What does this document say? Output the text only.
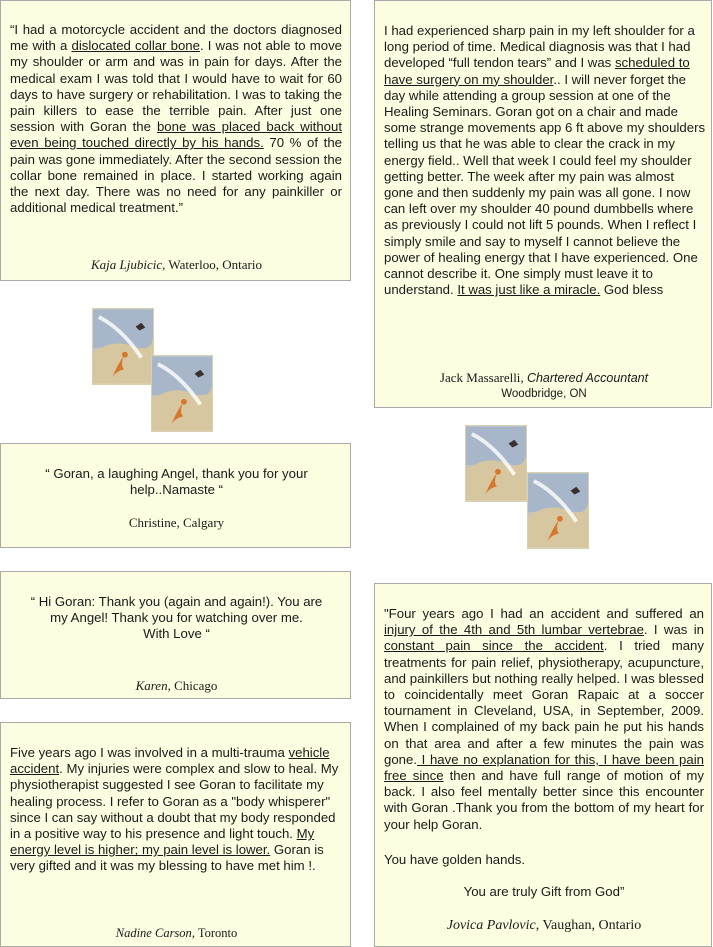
“I had a motorcycle accident and the doctors diagnosed me with a dislocated collar bone. I was not able to move my shoulder or arm and was in pain for days. After the medical exam I was told that I would have to wait for 60 days to have surgery or rehabilitation. I was to taking the pain killers to ease the terrible pain. After just one session with Goran the bone was placed back without even being touched directly by his hands. 70 % of the pain was gone immediately. After the second session the collar bone remained in place. I started working again the next day. There was no need for any painkiller or additional medical treatment.”
Kaja Ljubicic, Waterloo, Ontario
I had experienced sharp pain in my left shoulder for a long period of time. Medical diagnosis was that I had developed “full tendon tears” and I was scheduled to have surgery on my shoulder.. I will never forget the day while attending a group session at one of the Healing Seminars. Goran got on a chair and made some strange movements app 6 ft above my shoulders telling us that he was able to clear the crack in my energy field.. Well that week I could feel my shoulder getting better. The week after my pain was almost gone and then suddenly my pain was all gone. I now can left over my shoulder 40 pound dumbbells where as previously I could not lift 5 pounds. When I reflect I simply smile and say to myself I cannot believe the power of healing energy that I have experienced. One cannot describe it. One simply must leave it to understand. It was just like a miracle. God bless
Jack Massarelli, Chartered Accountant
Woodbridge, ON
“ Goran, a laughing Angel, thank you for your help..Namaste “
Christine, Calgary
“ Hi Goran: Thank you (again and again!). You are my Angel! Thank you for watching over me.
With Love “
Karen, Chicago
Five years ago I was involved in a multi-trauma vehicle accident. My injuries were complex and slow to heal. My physiotherapist suggested I see Goran to facilitate my healing process. I refer to Goran as a "body whisperer" since I can say without a doubt that my body responded in a positive way to his presence and light touch. My energy level is higher; my pain level is lower. Goran is very gifted and it was my blessing to have met him !.
Nadine Carson, Toronto
"Four years ago I had an accident and suffered an injury of the 4th and 5th lumbar vertebrae. I was in constant pain since the accident. I tried many treatments for pain relief, physiotherapy, acupuncture, and painkillers but nothing really helped. I was blessed to coincidentally meet Goran Rapaic at a soccer tournament in Cleveland, USA, in September, 2009. When I complained of my back pain he put his hands on that area and after a few minutes the pain was gone. I have no explanation for this, I have been pain free since then and have full range of motion of my back. I also feel mentally better since this encounter with Goran .Thank you from the bottom of my heart for your help Goran.
You have golden hands.
You are truly Gift from God”
Jovica Pavlovic, Vaughan, Ontario
